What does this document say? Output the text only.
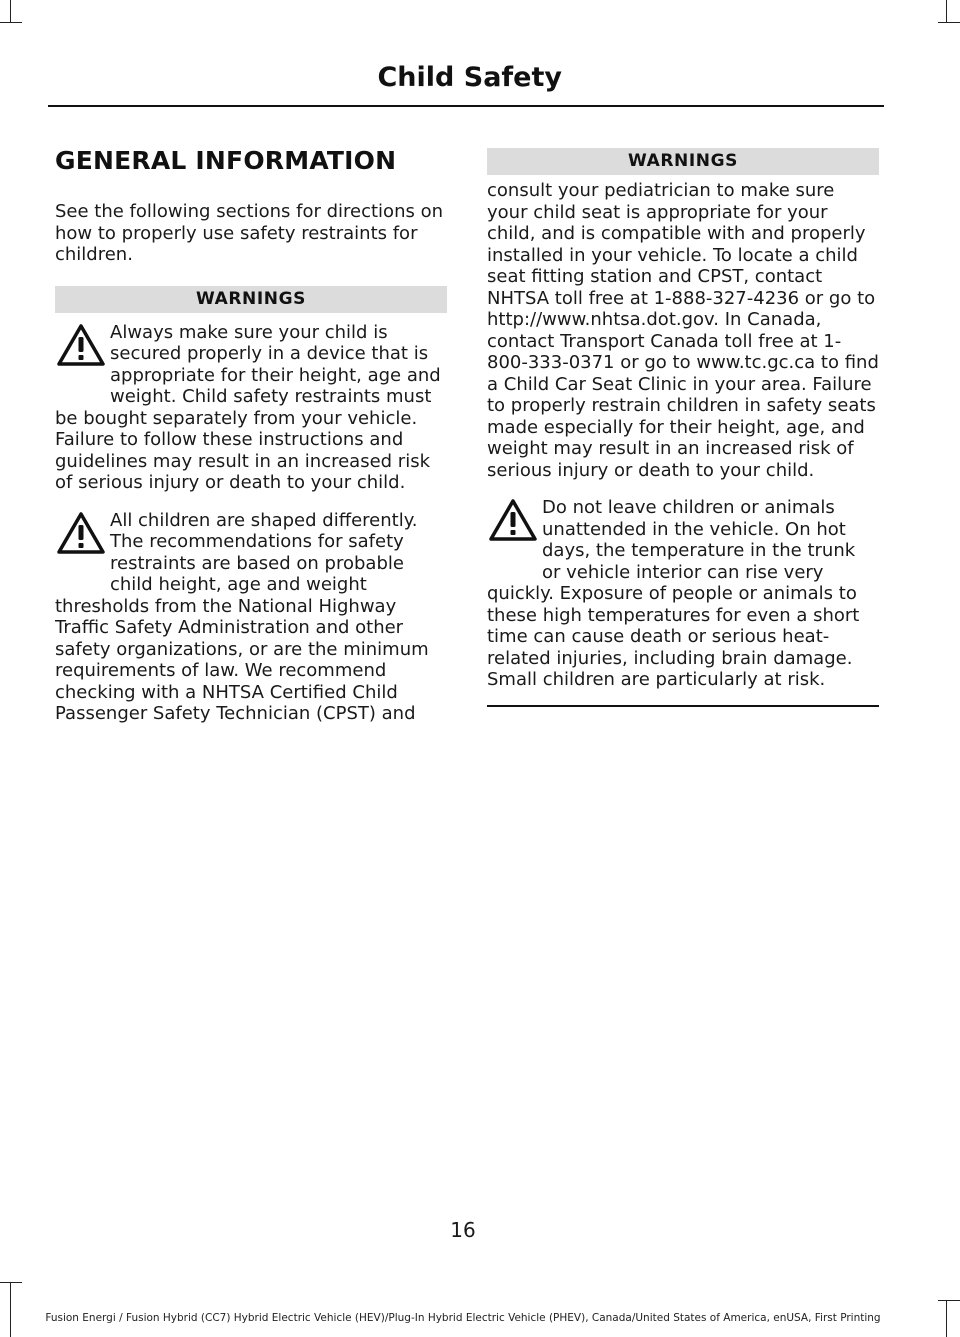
Child Safety
GENERAL INFORMATION

See the following sections for directions on how to properly use safety restraints for children.

WARNINGS

Always make sure your child is secured properly in a device that is appropriate for their height, age and weight. Child safety restraints must be bought separately from your vehicle. Failure to follow these instructions and guidelines may result in an increased risk of serious injury or death to your child.

All children are shaped differently. The recommendations for safety restraints are based on probable child height, age and weight thresholds from the National Highway Traffic Safety Administration and other safety organizations, or are the minimum requirements of law. We recommend checking with a NHTSA Certified Child Passenger Safety Technician (CPST) and

WARNINGS

consult your pediatrician to make sure your child seat is appropriate for your child, and is compatible with and properly installed in your vehicle. To locate a child seat fitting station and CPST, contact NHTSA toll free at 1-888-327-4236 or go to http://www.nhtsa.dot.gov. In Canada, contact Transport Canada toll free at 1-800-333-0371 or go to www.tc.gc.ca to find a Child Car Seat Clinic in your area. Failure to properly restrain children in safety seats made especially for their height, age, and weight may result in an increased risk of serious injury or death to your child.

Do not leave children or animals unattended in the vehicle. On hot days, the temperature in the trunk or vehicle interior can rise very quickly. Exposure of people or animals to these high temperatures for even a short time can cause death or serious heat-related injuries, including brain damage. Small children are particularly at risk.

16
Fusion Energi / Fusion Hybrid (CC7) Hybrid Electric Vehicle (HEV)/Plug-In Hybrid Electric Vehicle (PHEV), Canada/United States of America, enUSA, First Printing
